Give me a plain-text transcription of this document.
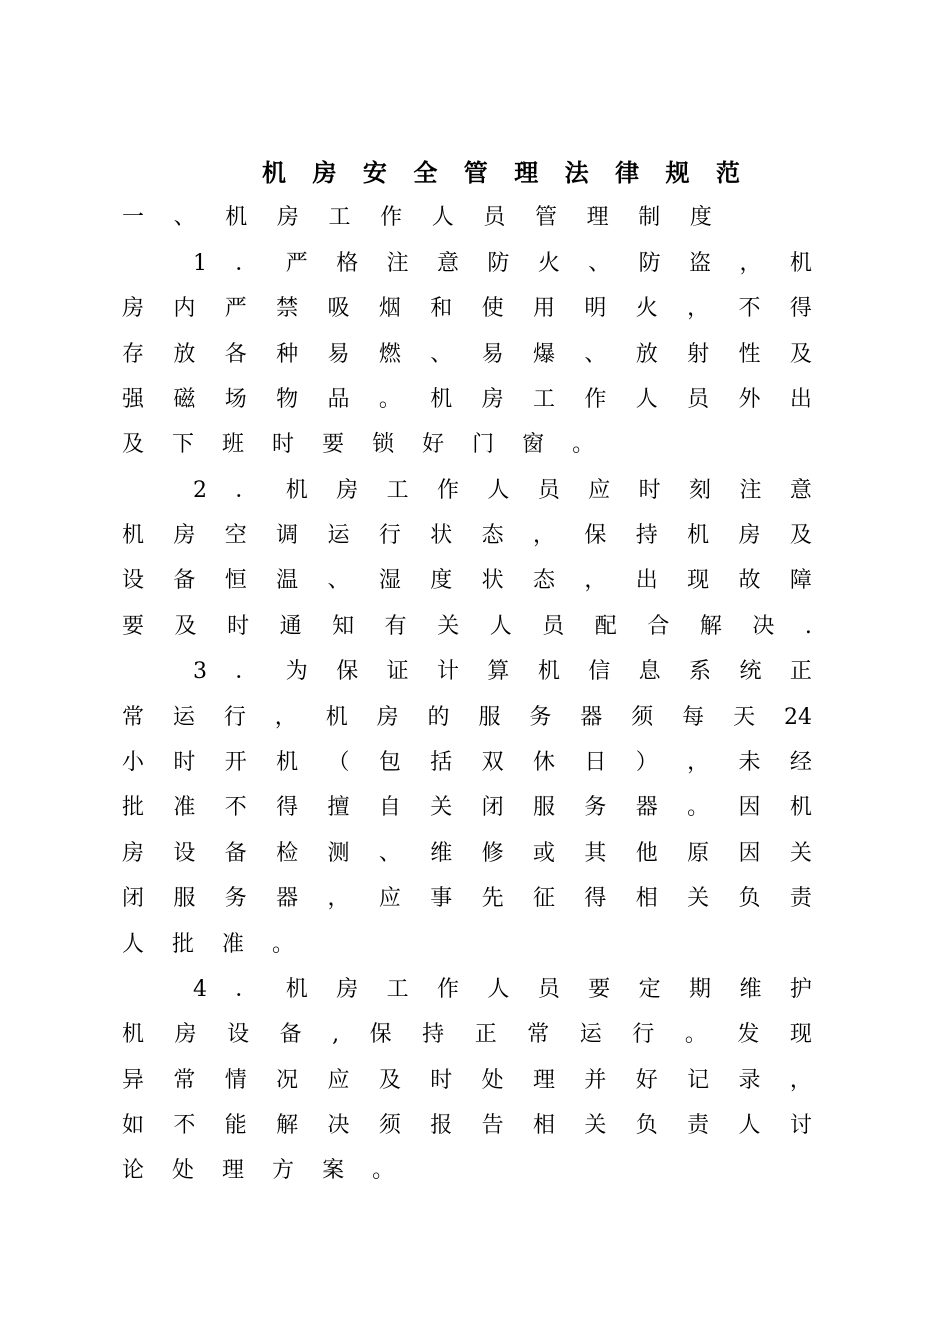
机 房 安 全 管 理 法 律 规 范
一 、 机 房 工 作 人 员 管 理 制 度
1 ． 严 格 注 意 防 火 、 防 盗 ， 机
房 内 严 禁 吸 烟 和 使 用 明 火 ， 不 得
存 放 各 种 易 燃 、 易 爆 、 放 射 性 及
强 磁 场 物 品 。 机 房 工 作 人 员 外 出
及 下 班 时 要 锁 好 门 窗 。
2 ． 机 房 工 作 人 员 应 时 刻 注 意
机 房 空 调 运 行 状 态 ， 保 持 机 房 及
设 备 恒 温 、 湿 度 状 态 ， 出 现 故 障
要 及 时 通 知 有 关 人 员 配 合 解 决 .
3 ． 为 保 证 计 算 机 信 息 系 统 正
常 运 行 ， 机 房 的 服 务 器 须 每 天 24
小 时 开 机 （ 包 括 双 休 日 ） ， 未 经
批 准 不 得 擅 自 关 闭 服 务 器 。 因 机
房 设 备 检 测 、 维 修 或 其 他 原 因 关
闭 服 务 器 ， 应 事 先 征 得 相 关 负 责
人 批 准 。
4 ． 机 房 工 作 人 员 要 定 期 维 护
机 房 设 备 , 保 持 正 常 运 行 。 发 现
异 常 情 况 应 及 时 处 理 并 好 记 录 ，
如 不 能 解 决 须 报 告 相 关 负 责 人 讨
论 处 理 方 案 。
